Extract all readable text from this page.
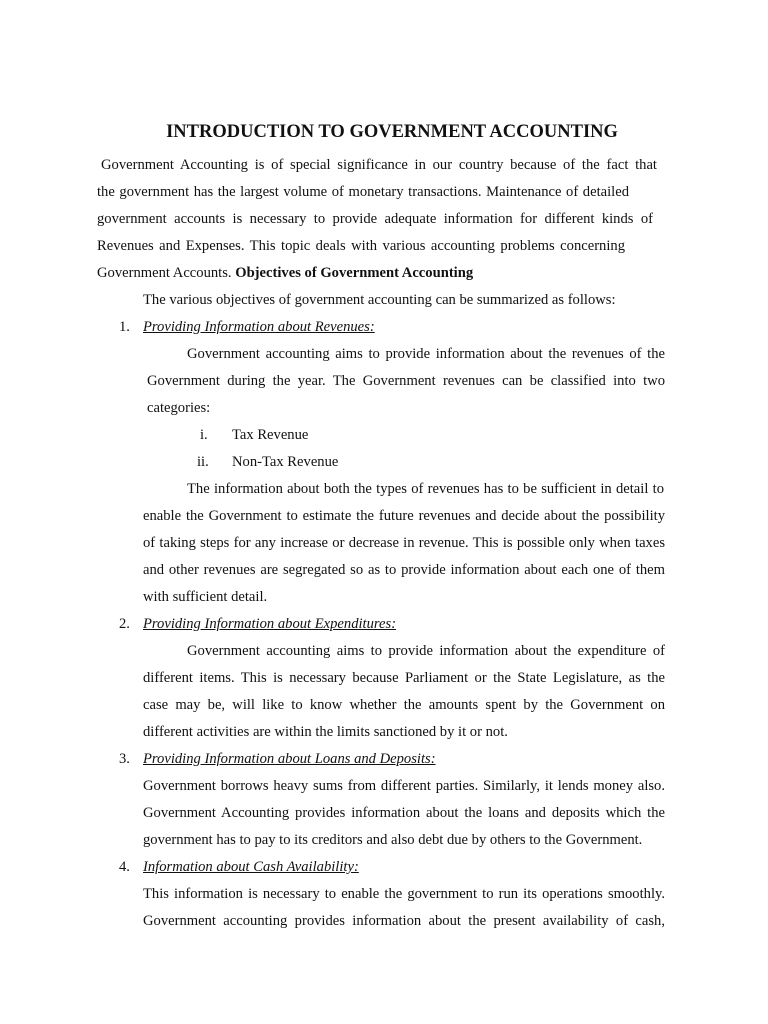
INTRODUCTION TO GOVERNMENT ACCOUNTING
Government Accounting is of special significance in our country because of the fact that
the government has the largest volume of monetary transactions. Maintenance of detailed
government accounts is necessary to provide adequate information for different kinds of
Revenues and Expenses. This topic deals with various accounting problems concerning
Government Accounts. Objectives of Government Accounting
The various objectives of government accounting can be summarized as follows:
1. Providing Information about Revenues:
Government accounting aims to provide information about the revenues of the
Government during the year. The Government revenues can be classified into two
categories:
i. Tax Revenue
ii. Non-Tax Revenue
The information about both the types of revenues has to be sufficient in detail to
enable the Government to estimate the future revenues and decide about the possibility
of taking steps for any increase or decrease in revenue. This is possible only when taxes
and other revenues are segregated so as to provide information about each one of them
with sufficient detail.
2. Providing Information about Expenditures:
Government accounting aims to provide information about the expenditure of
different items. This is necessary because Parliament or the State Legislature, as the
case may be, will like to know whether the amounts spent by the Government on
different activities are within the limits sanctioned by it or not.
3. Providing Information about Loans and Deposits:
Government borrows heavy sums from different parties. Similarly, it lends money also.
Government Accounting provides information about the loans and deposits which the
government has to pay to its creditors and also debt due by others to the Government.
4. Information about Cash Availability:
This information is necessary to enable the government to run its operations smoothly.
Government accounting provides information about the present availability of cash,
